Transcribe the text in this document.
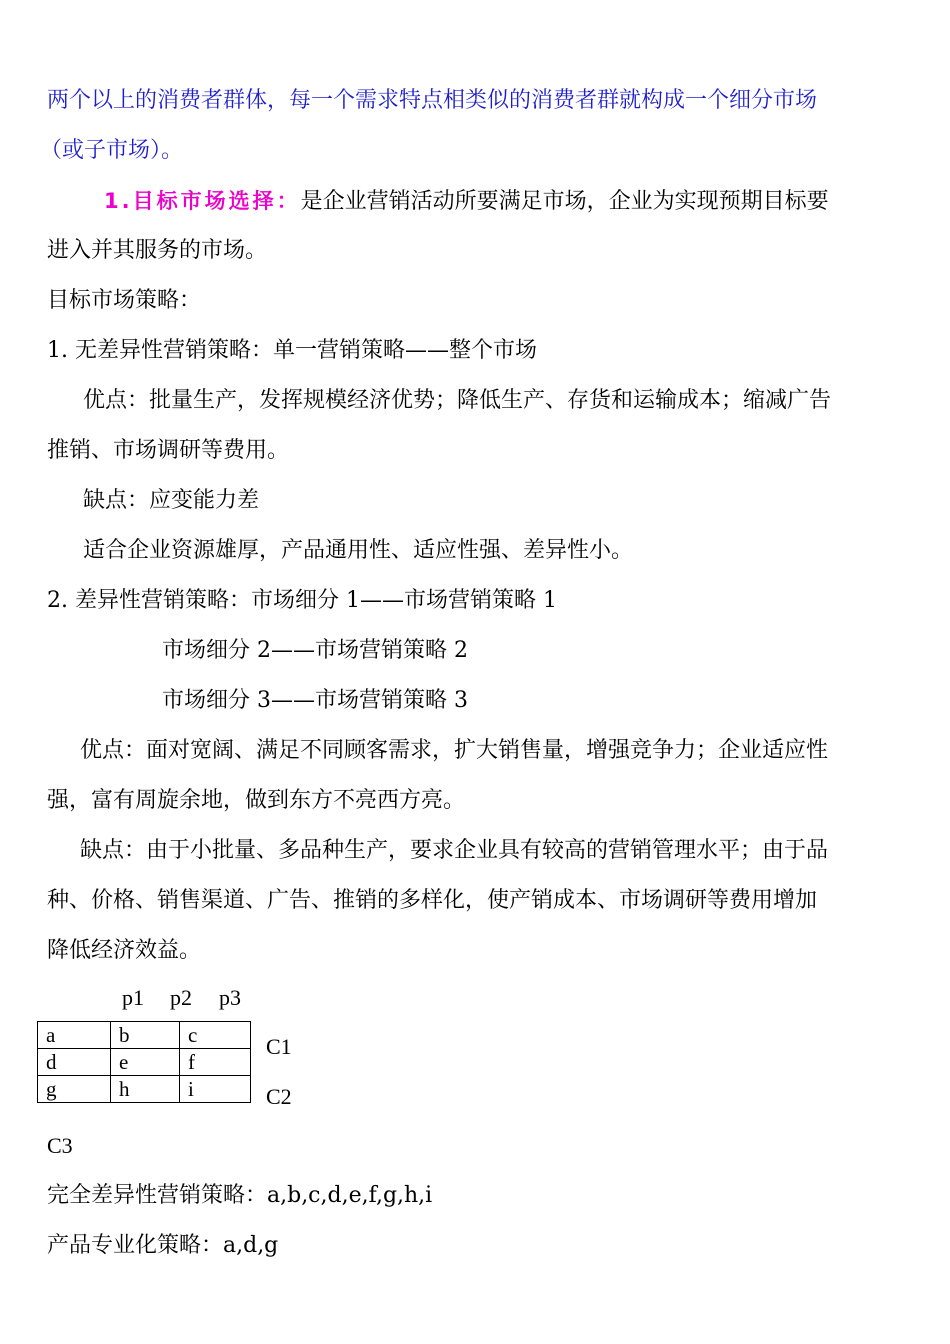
两个以上的消费者群体，每一个需求特点相类似的消费者群就构成一个细分市场
（或子市场）。
1.目标市场选择：是企业营销活动所要满足市场，企业为实现预期目标要
进入并其服务的市场。
目标市场策略：
1. 无差异性营销策略：单一营销策略——整个市场
优点：批量生产，发挥规模经济优势；降低生产、存货和运输成本；缩减广告
推销、市场调研等费用。
缺点：应变能力差
适合企业资源雄厚，产品通用性、适应性强、差异性小。
2. 差异性营销策略：市场细分 1——市场营销策略 1
市场细分 2——市场营销策略 2
市场细分 3——市场营销策略 3
优点：面对宽阔、满足不同顾客需求，扩大销售量，增强竞争力；企业适应性
强，富有周旋余地，做到东方不亮西方亮。
缺点：由于小批量、多品种生产，要求企业具有较高的营销管理水平；由于品
种、价格、销售渠道、广告、推销的多样化，使产销成本、市场调研等费用增加
降低经济效益。
p1 p2 p3
a	b	c
d	e	f
g	h	i
C1
C2
C3
完全差异性营销策略：a,b,c,d,e,f,g,h,i
产品专业化策略：a,d,g
